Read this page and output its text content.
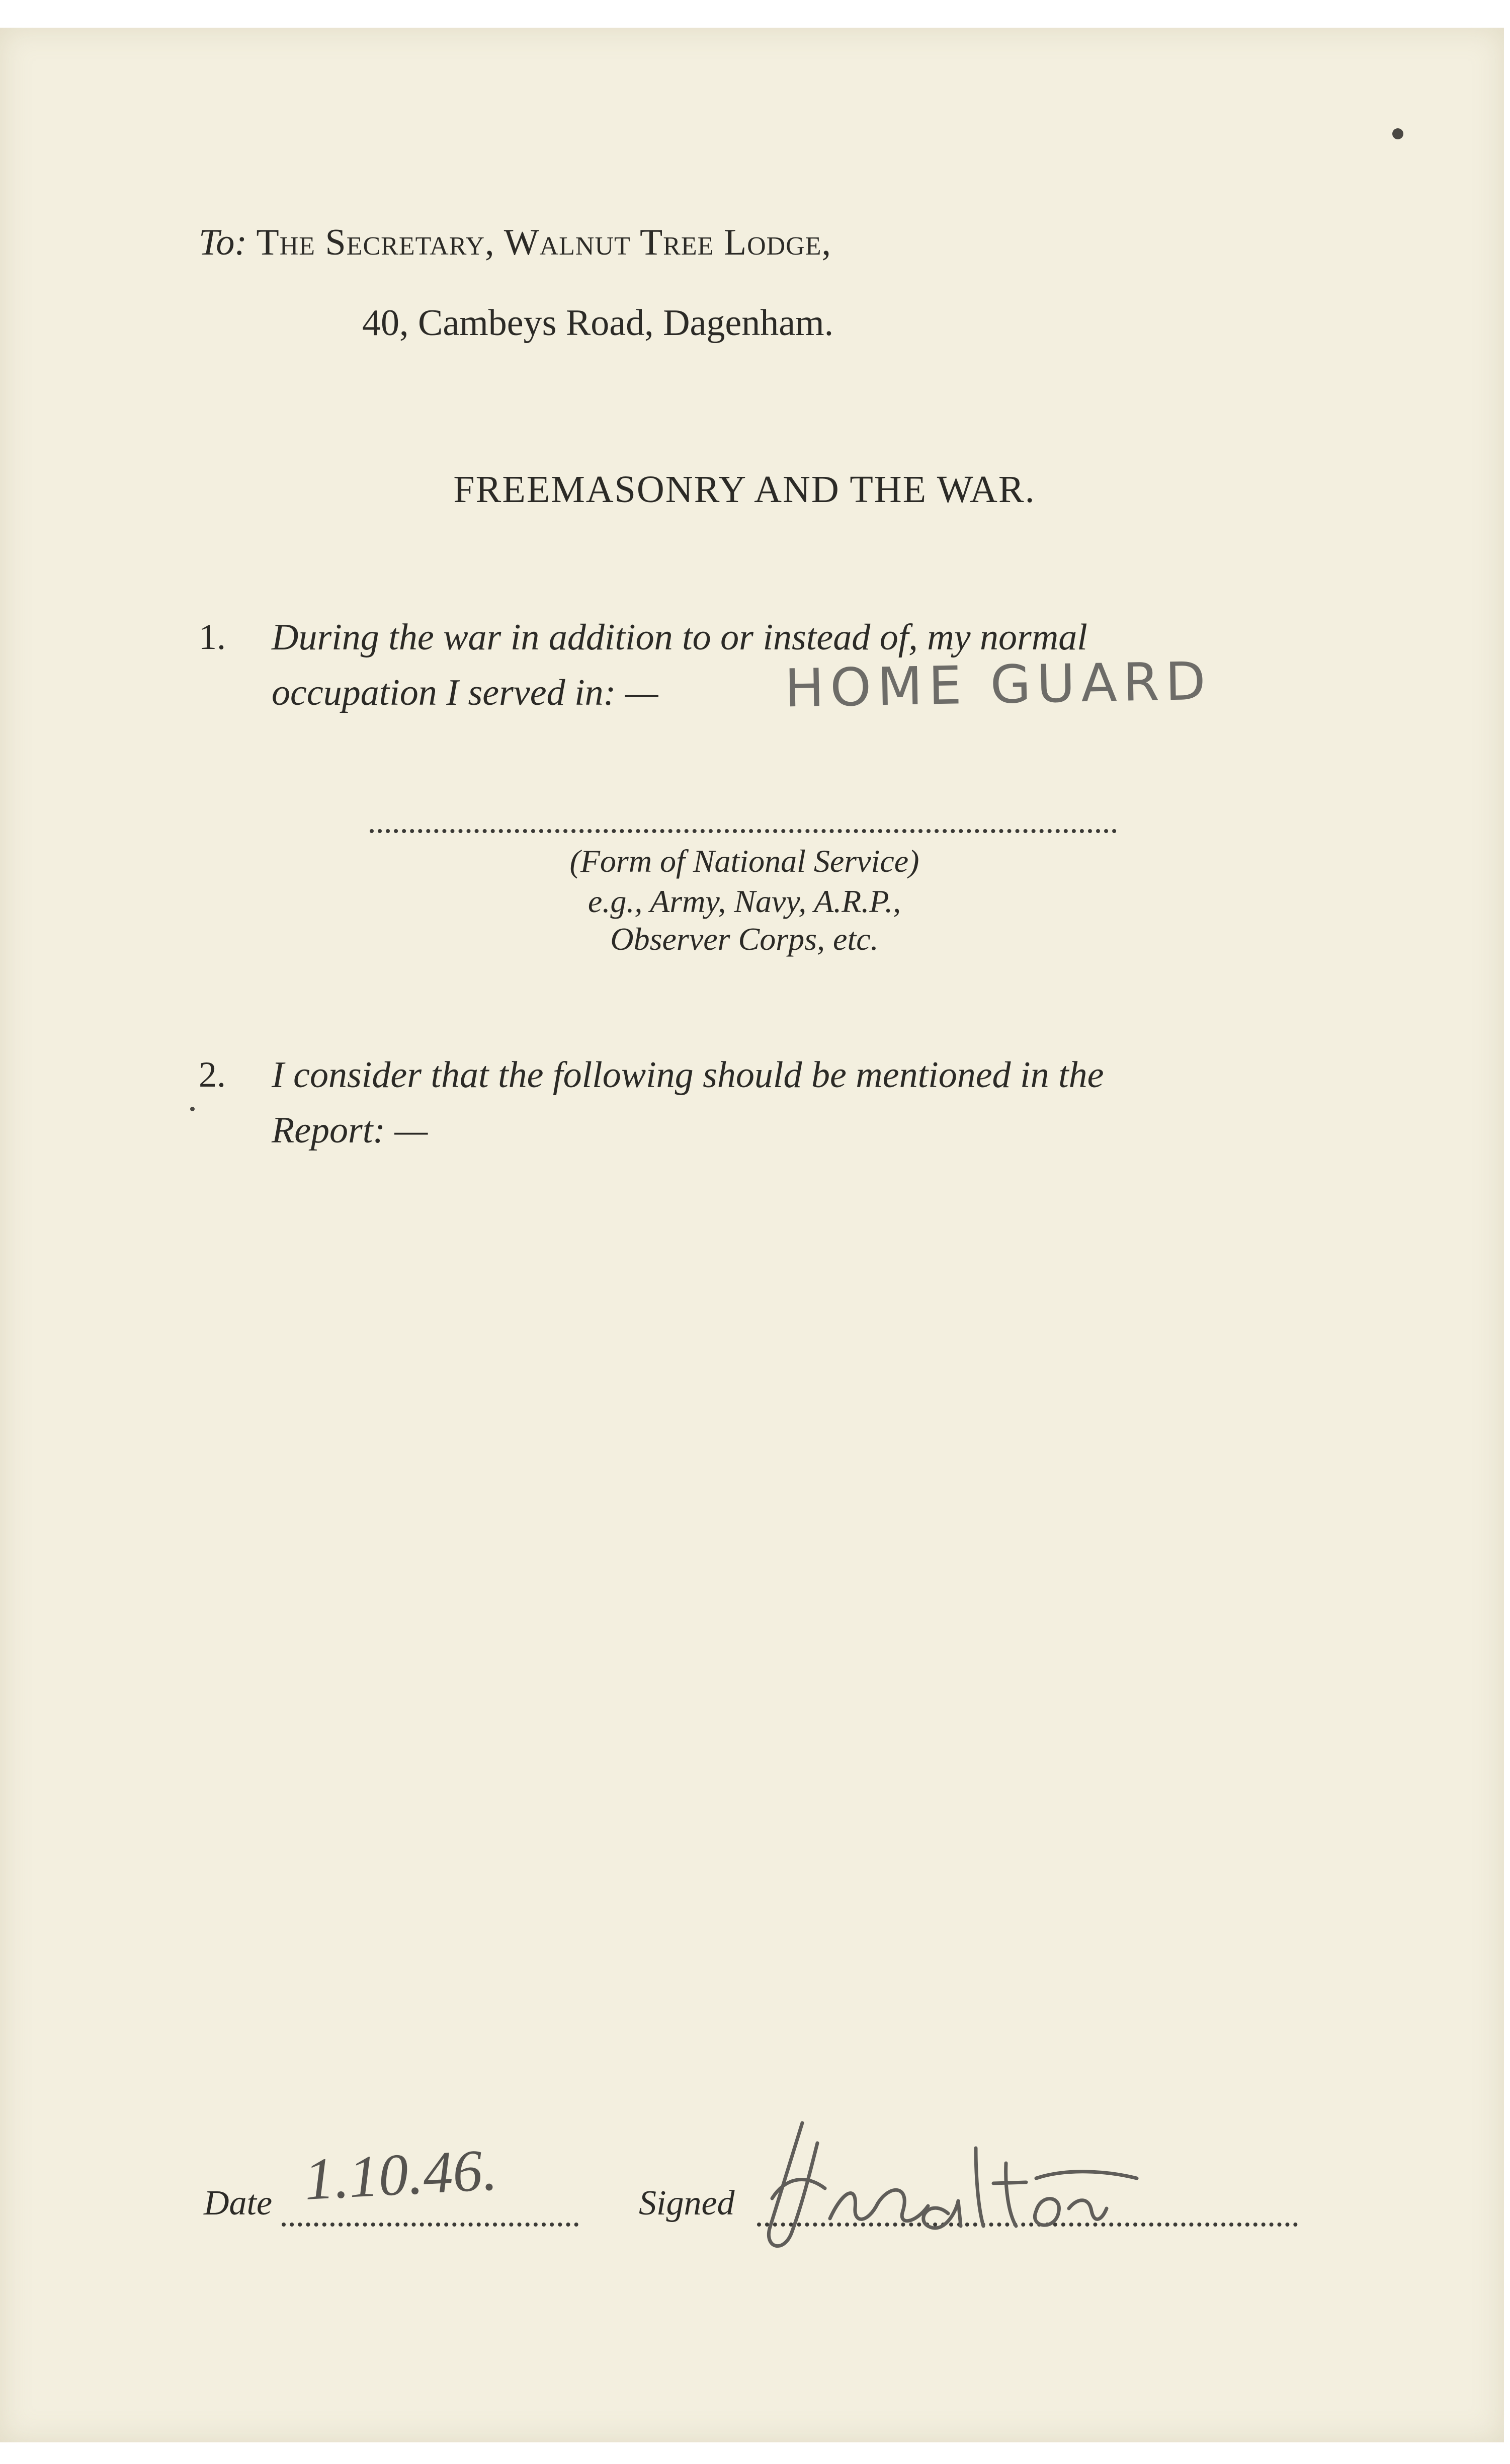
To: The Secretary, Walnut Tree Lodge,

40, Cambeys Road, Dagenham.

FREEMASONRY AND THE WAR.
1. During the war in addition to or instead of, my normal
occupation I served in: — HOME GUARD
(Form of National Service)
e.g., Army, Navy, A.R.P.,
Observer Corps, etc.
2. I consider that the following should be mentioned in the
Report: —
Date 1.10.46.	Signed
